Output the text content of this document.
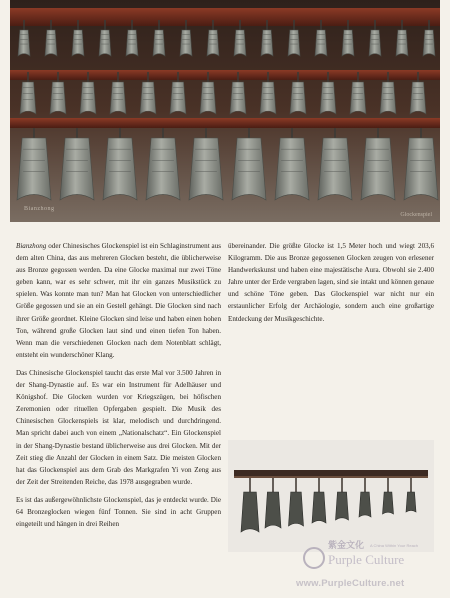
Bianzhong
Glockenspiel

Bianzhong oder Chinesisches Glockenspiel ist ein Schlaginstrument aus dem alten China, das aus mehreren Glocken besteht, die üblicherweise aus Bronze gegossen werden. Da eine Glocke maximal nur zwei Töne geben kann, war es sehr schwer, mit ihr ein ganzes Musikstück zu spielen. Was konnte man tun? Man hat Glocken von unterschiedlicher Größe gegossen und sie an ein Gestell gehängt. Die Glocken sind nach ihrer Größe geordnet. Kleine Glocken sind leise und haben einen hohen Ton, während große Glocken laut sind und einen tiefen Ton haben. Wenn man die verschiedenen Glocken nach dem Notenblatt schlägt, entsteht ein wunderschöner Klang.

Das Chinesische Glockenspiel taucht das erste Mal vor 3.500 Jahren in der Shang-Dynastie auf. Es war ein Instrument für Adelhäuser und Königshof. Die Glocken wurden vor Kriegszügen, bei höfischen Zeremonien oder rituellen Opfergaben gespielt. Die Musik des Chinesischen Glockenspiels ist klar, melodisch und durchdringend. Man spricht dabei auch von einem „Nationalschatz“. Ein Glockenspiel in der Shang-Dynastie bestand üblicherweise aus drei Glocken. Mit der Zeit stieg die Anzahl der Glocken in einem Satz. Die meisten Glocken hat das Glockenspiel aus dem Grab des Markgrafen Yi von Zeng aus der Zeit der Streitenden Reiche, das 1978 ausgegraben wurde.

Es ist das außergewöhnlichste Glockenspiel, das je entdeckt wurde. Die 64 Bronzeglocken wiegen fünf Tonnen. Sie sind in acht Gruppen eingeteilt und hängen in drei Reihen

übereinander. Die größte Glocke ist 1,5 Meter hoch und wiegt 203,6 Kilogramm. Die aus Bronze gegossenen Glocken zeugen von erlesener Handwerkskunst und haben eine majestätische Aura. Obwohl sie 2.400 Jahre unter der Erde vergraben lagen, sind sie intakt und können genaue und schöne Töne geben. Das Glockenspiel war nicht nur ein erstaunlicher Erfolg der Archäologie, sondern auch eine großartige Entdeckung der Musikgeschichte.

紫金文化 A China Within Your Reach
Purple Culture
www.PurpleCulture.net
